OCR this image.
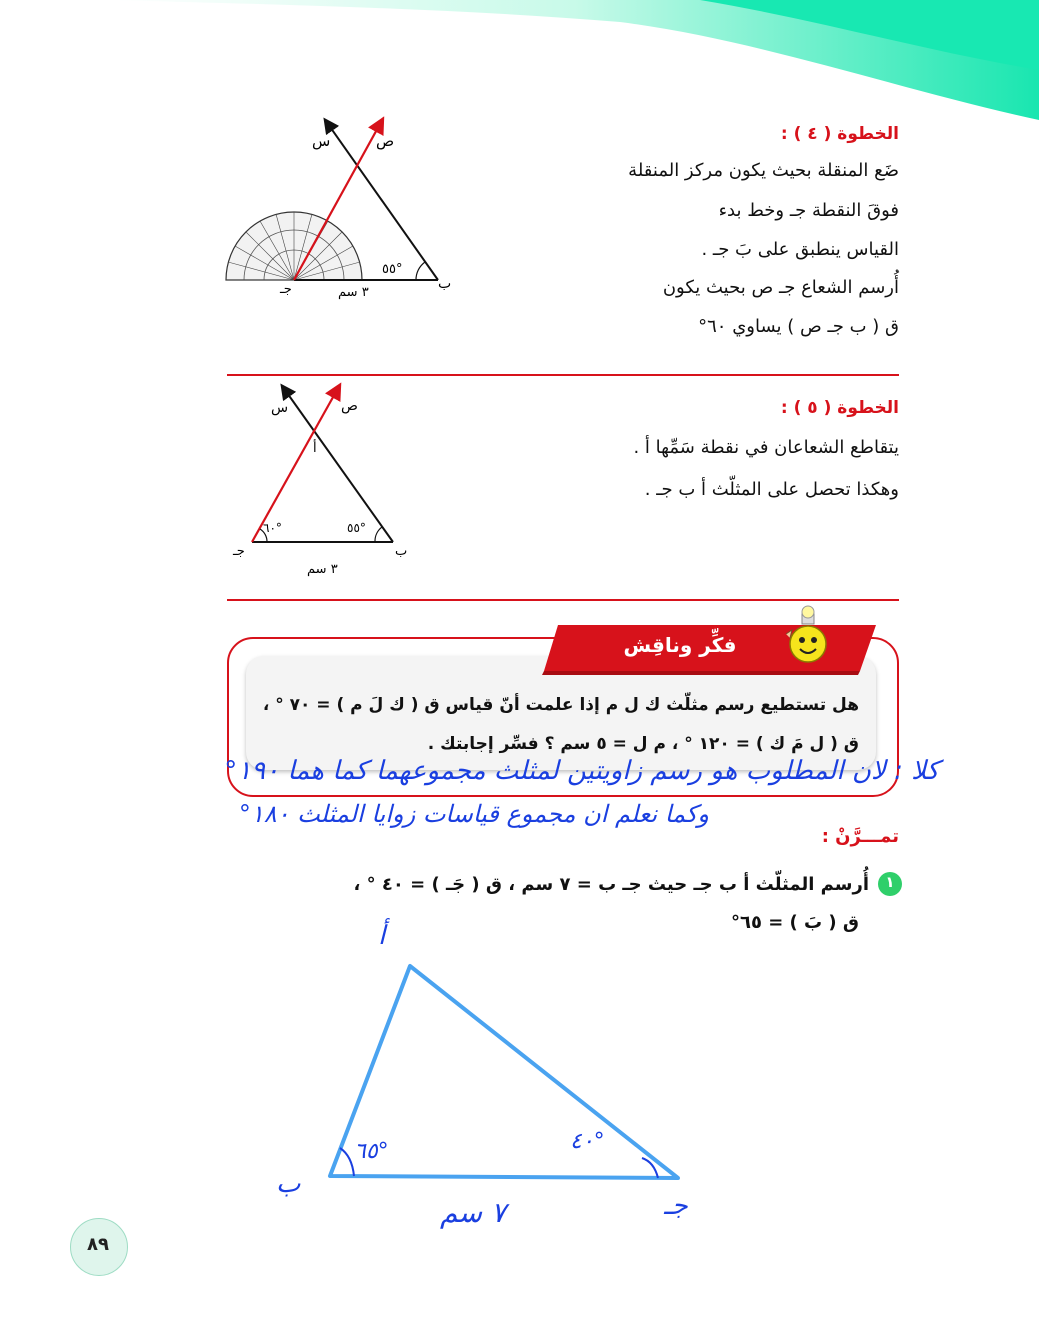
الخطوة ( ٤ ) :
ضَع المنقلة بحيث يكون مركز المنقلة
فوقَ النقطة جـ وخط بدء
القياس ينطبق على بَ جـ .
أُرسم الشعاع جـ ص بحيث يكون
ق ( ب جـ ص ) يساوي ٦٠°
س	ص
ب
جـ
٥٥°
٣ سم
الخطوة ( ٥ ) :
يتقاطع الشعاعان في نقطة سَمِّها أ .
وهكذا تحصل على المثلّث أ ب جـ .
س	ص
أ
ب
جـ
٥٥°
٦٠°
٣ سم
فكِّر وناقِش
هل تستطيع رسم مثلّث ك ل م إذا علمت أنّ قياس ق ( ك لَ م ) = ٧٠ ° ،
ق ( ل مَ ك ) = ١٢٠ ° ، م ل = ٥ سم ؟ فسِّر إجابتك .
كلا : لان المطلوب هو رسم زاويتين لمثلث مجموعهما كما هما ١٩٠°
وكما نعلم ان مجموع قياسات زوايا المثلث ١٨٠°
تمـــرَّنْ :
١
أُرسم المثلّث أ ب جـ حيث جـ ب = ٧ سم ، ق ( جَـ ) = ٤٠ ° ،
ق ( بَ ) = ٦٥°
أ
ب
جـ
٦٥°	٤٠°
٧ سم
٨٩
